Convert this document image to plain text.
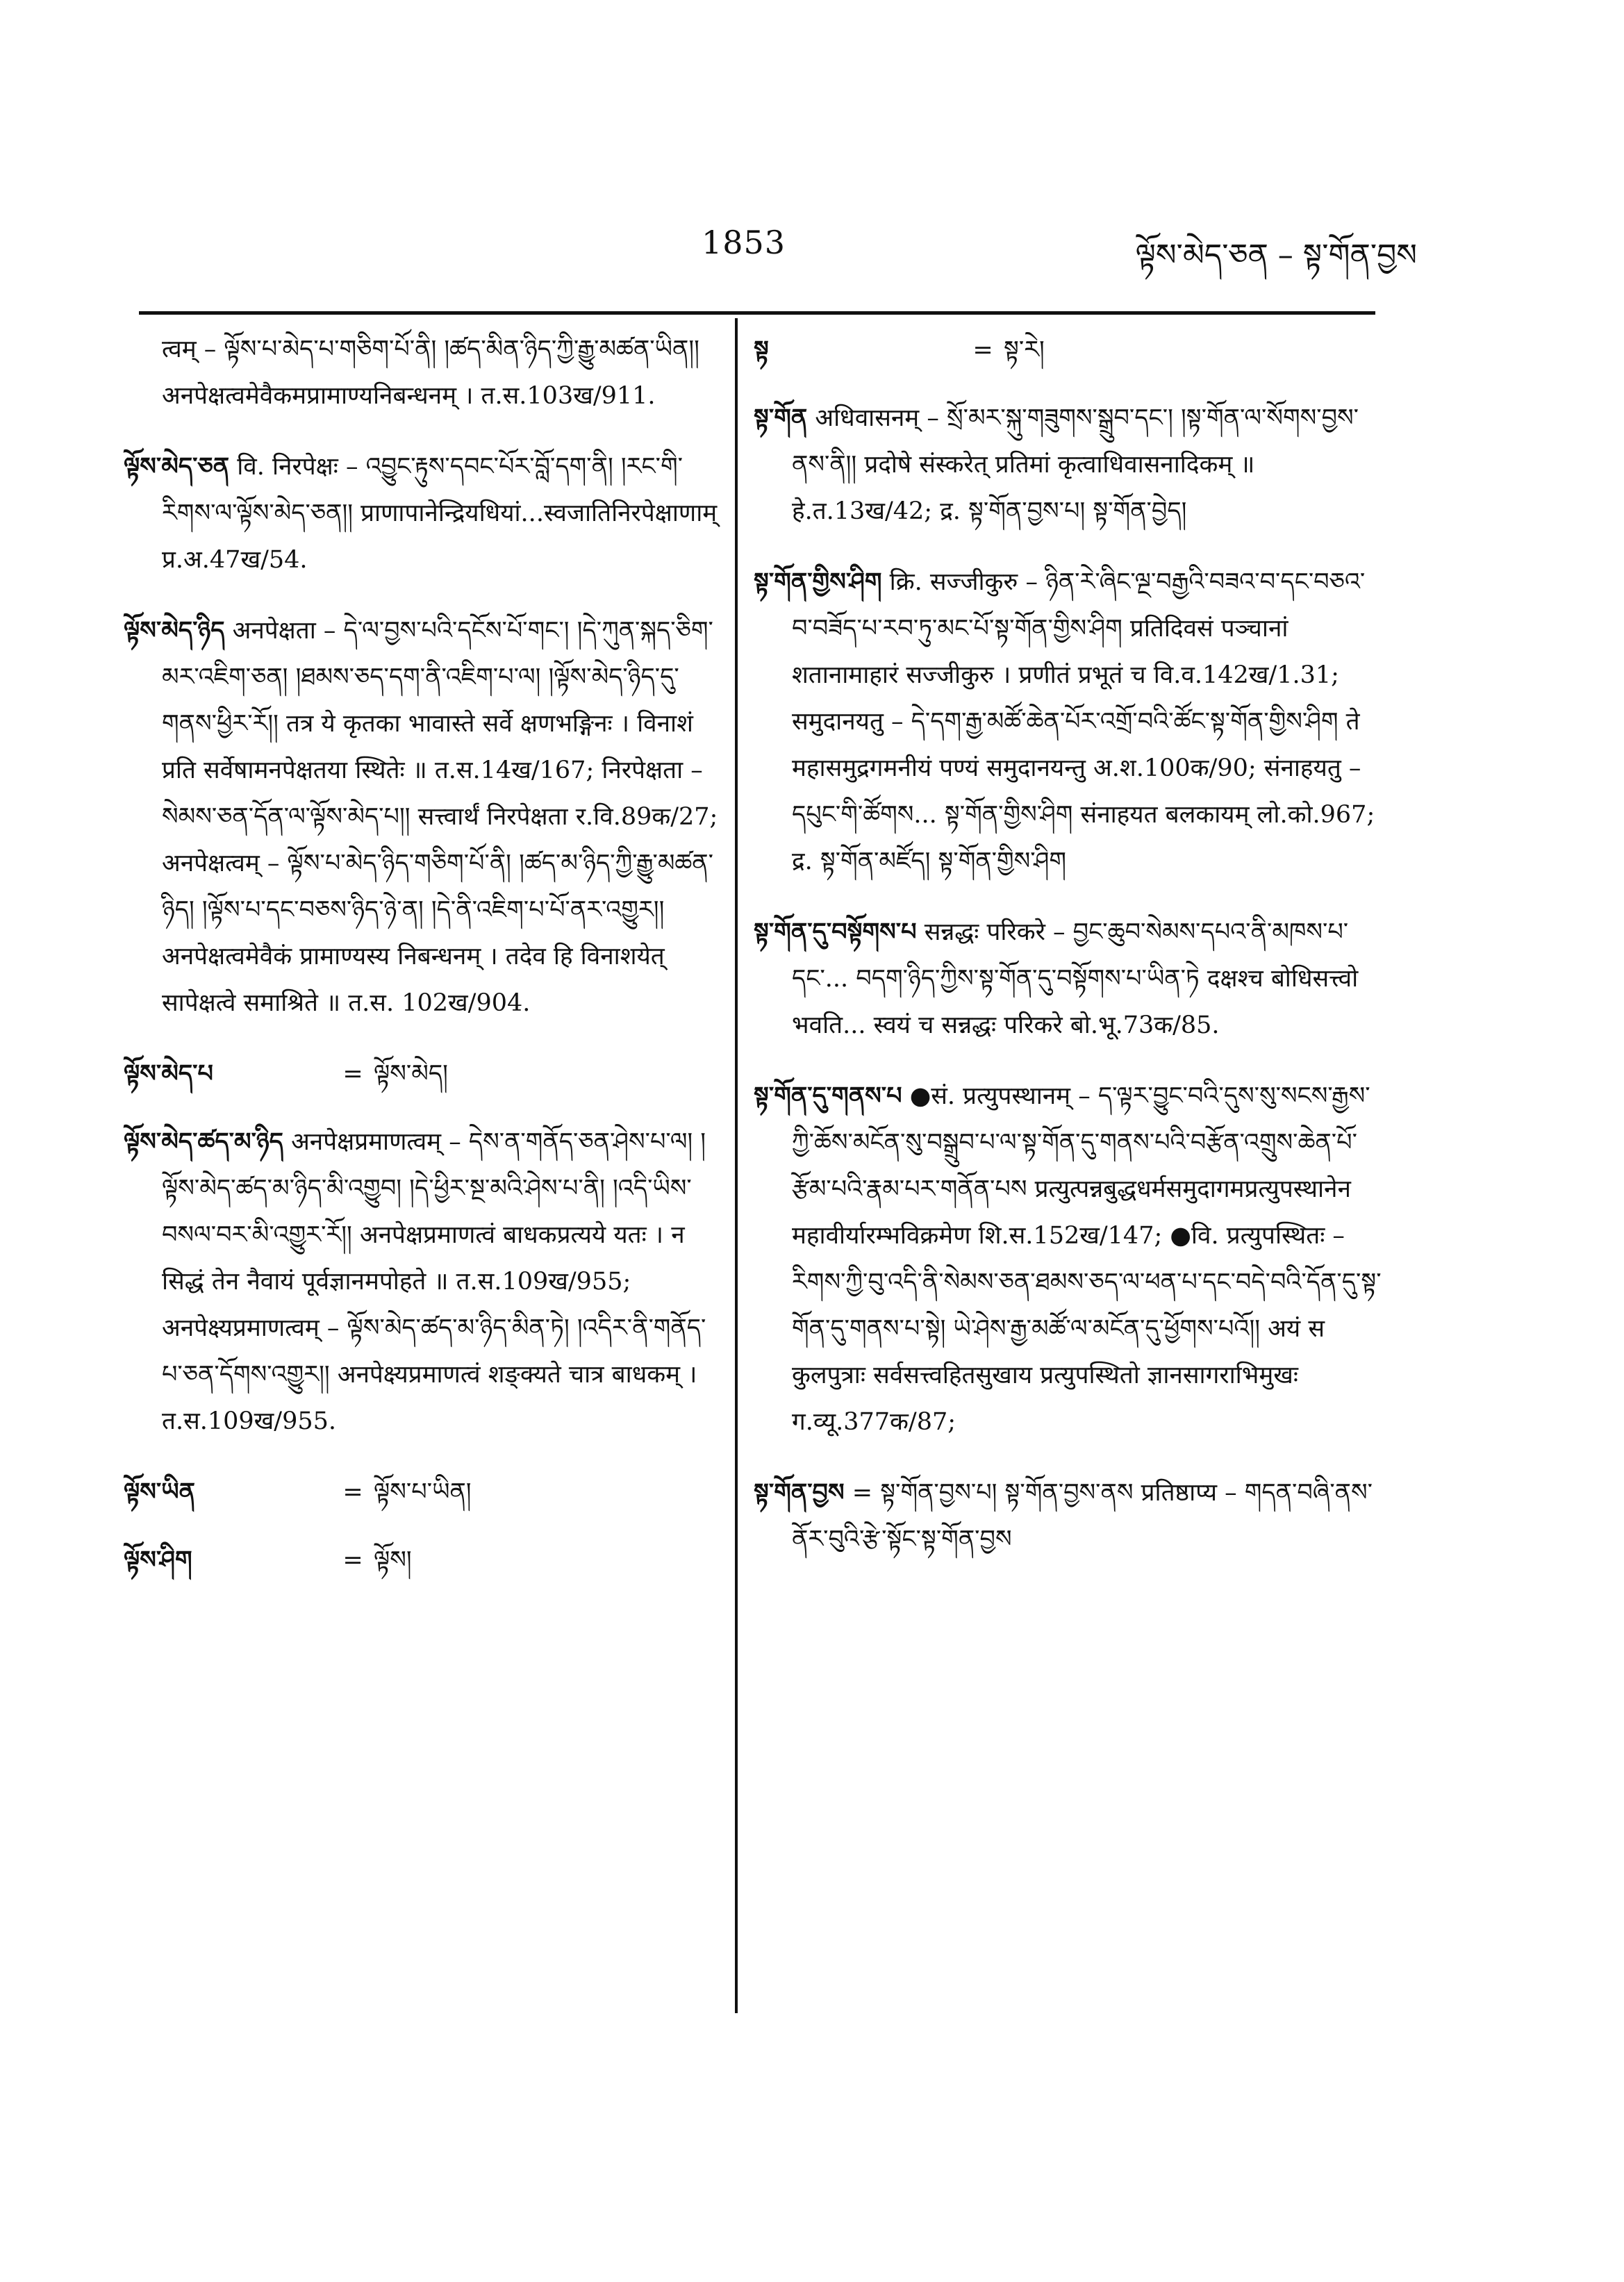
1853	ལྟོས་མེད་ཅན – སྟ་གོན་བྱས
त्वम् – ལྟོས་པ་མེད་པ་གཅིག་པོ་ནི། །ཚད་མིན་ཉིད་ཀྱི་རྒྱུ་མཚན་ཡིན།། अनपेक्षत्वमेवैकमप्रामाण्यनिबन्धनम् । त.स.103ख/911.
ལྟོས་མེད་ཅན वि. निरपेक्षः – འབྱུང་རྟུས་དབང་པོར་བློ་དག་ནི། །རང་གི་རིགས་ལ་ལྟོས་མེད་ཅན།། प्राणापानेन्द्रियधियां...स्वजातिनिरपेक्षाणाम् प्र.अ.47ख/54.
ལྟོས་མེད་ཉིད अनपेक्षता – དེ་ལ་བྱས་པའི་དངོས་པོ་གང་། །དེ་ཀུན་སྐད་ཅིག་མར་འཇིག་ཅན། །ཐམས་ཅད་དག་ནི་འཇིག་པ་ལ། །ལྟོས་མེད་ཉིད་དུ་གནས་ཕྱིར་རོ།། तत्र ये कृतका भावास्ते सर्वे क्षणभङ्गिनः । विनाशं प्रति सर्वेषामनपेक्षतया स्थितेः ॥ त.स.14ख/167; निरपेक्षता – སེམས་ཅན་དོན་ལ་ལྟོས་མེད་པ།། सत्त्वार्थं निरपेक्षता र.वि.89क/27; अनपेक्षत्वम् – ལྟོས་པ་མེད་ཉིད་གཅིག་པོ་ནི། །ཚད་མ་ཉིད་ཀྱི་རྒྱུ་མཚན་ཉིད། །ལྟོས་པ་དང་བཅས་ཉིད་ཉེ་ན། །དེ་ནི་འཇིག་པ་པོ་ནར་འགྱུར།། अनपेक्षत्वमेवैकं प्रामाण्यस्य निबन्धनम् । तदेव हि विनाशयेत् सापेक्षत्वे समाश्रिते ॥ त.स. 102ख/904.
ལྟོས་མེད་པ	= ལྟོས་མེད།
ལྟོས་མེད་ཚད་མ་ཉིད अनपेक्षप्रमाणत्वम् – དེས་ན་གནོད་ཅན་ཤེས་པ་ལ། །ལྟོས་མེད་ཚད་མ་ཉིད་མི་འགྱུབ། །དེ་ཕྱིར་སྔ་མའི་ཤེས་པ་ནི། །འདི་ཡིས་བསལ་བར་མི་འགྱུར་རོ།། अनपेक्षप्रमाणत्वं बाधकप्रत्यये यतः । न सिद्धं तेन नैवायं पूर्वज्ञानमपोहते ॥ त.स.109ख/955; अनपेक्ष्यप्रमाणत्वम् – ལྟོས་མེད་ཚད་མ་ཉིད་མིན་ཏེ། །འདིར་ནི་གནོད་པ་ཅན་དོགས་འགྱུར།། अनपेक्ष्यप्रमाणत्वं शङ्क्यते चात्र बाधकम् । त.स.109ख/955.
ལྟོས་ཡིན	= ལྟོས་པ་ཡིན།
ལྟོས་ཤིག	= ལྟོས།
སྟ	= སྟ་རེ།
སྟ་གོན अधिवासनम् – སྲོ་མར་སྐུ་གཟུགས་སྒྲུབ་དང་། །སྟ་གོན་ལ་སོགས་བྱས་ནས་ནི།། प्रदोषे संस्करेत् प्रतिमां कृत्वाधिवासनादिकम् ॥ हे.त.13ख/42; द्र. སྟ་གོན་བྱས་པ། སྟ་གོན་བྱེད།
སྟ་གོན་གྱིས་ཤིག क्रि. सज्जीकुरु – ཉིན་རེ་ཞིང་ལྔ་བརྒྱའི་བཟའ་བ་དང་བཅའ་བ་བཟོད་པ་རབ་ཏུ་མང་པོ་སྟ་གོན་གྱིས་ཤིག प्रतिदिवसं पञ्चानां शतानामाहारं सज्जीकुरु । प्रणीतं प्रभूतं च वि.व.142ख/1.31; समुदानयतु – དེ་དག་རྒྱ་མཚོ་ཆེན་པོར་འགྲོ་བའི་ཚོང་སྟ་གོན་གྱིས་ཤིག ते महासमुद्रगमनीयं पण्यं समुदानयन्तु अ.श.100क/90; संनाहयतु – དཔུང་གི་ཚོགས... སྟ་གོན་གྱིས་ཤིག संनाहयत बलकायम् लो.को.967; द्र. སྟ་གོན་མཛོད། སྟ་གོན་གྱིས་ཤིག
སྟ་གོན་དུ་བསྟོགས་པ सन्नद्धः परिकरे – བྱང་ཆུབ་སེམས་དཔའ་ནི་མཁས་པ་དང་... བདག་ཉིད་ཀྱིས་སྟ་གོན་དུ་བསྟོགས་པ་ཡིན་ཏེ दक्षश्च बोधिसत्त्वो भवति... स्वयं च सन्नद्धः परिकरे बो.भू.73क/85.
སྟ་གོན་དུ་གནས་པ ●सं. प्रत्युपस्थानम् – ད་ལྟར་བྱུང་བའི་དུས་སུ་སངས་རྒྱས་ཀྱི་ཆོས་མངོན་སུ་བསྒྲུབ་པ་ལ་སྟ་གོན་དུ་གནས་པའི་བརྩོན་འགྲུས་ཆེན་པོ་རྩོམ་པའི་རྣམ་པར་གནོན་པས प्रत्युत्पन्नबुद्धधर्मसमुदागमप्रत्युपस्थानेन महावीर्यारम्भविक्रमेण शि.स.152ख/147; ●वि. प्रत्युपस्थितः – རིགས་ཀྱི་བུ་འདི་ནི་སེམས་ཅན་ཐམས་ཅད་ལ་ཕན་པ་དང་བདེ་བའི་དོན་དུ་སྟ་གོན་དུ་གནས་པ་སྟེ། ཡེ་ཤེས་རྒྱ་མཚོ་ལ་མངོན་དུ་ཕྱོགས་པའོ།། अयं स कुलपुत्राः सर्वसत्त्वहितसुखाय प्रत्युपस्थितो ज्ञानसागराभिमुखः ग.व्यू.377क/87;
སྟ་གོན་བྱས = སྟ་གོན་བྱས་པ། སྟ་གོན་བྱས་ནས प्रतिष्ठाप्य – གདན་བཞི་ནས་ནོར་བུའི་རྩེ་སྟོང་སྟ་གོན་བྱས
